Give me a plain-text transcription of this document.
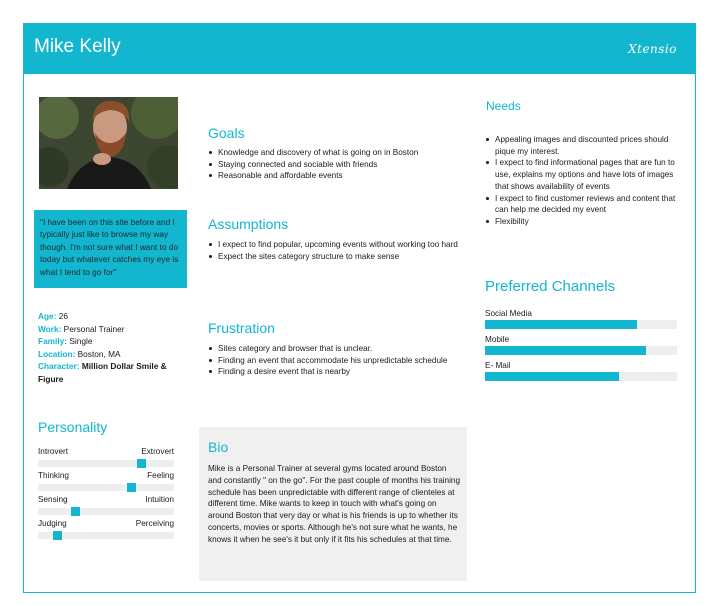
Mike Kelly	Xtensio
"I have been on this site before and I typically just like to browse my way though. I'm not sure what I want to do today but whatever catches my eye is what I tend to go for"
Age: 26
Work: Personal Trainer
Family: Single
Location: Boston, MA
Character: Million Dollar Smile & Figure
Personality
Introvert	Extrovert
Thinking	Feeling
Sensing	Intuition
Judging	Perceiving
Goals
Knowledge and discovery of what is going on in Boston
Staying connected and sociable with friends
Reasonable and affordable events
Assumptions
I expect to find popular, upcoming events without working too hard
Expect the sites category structure to make sense
Frustration
Sites category and browser that is unclear.
Finding an event that accommodate his unpredictable schedule
Finding a desire event that is nearby
Bio
Mike is a Personal Trainer at several gyms located around Boston and constantly " on the go". For the past couple of months his training schedule has been unpredictable with different range of clienteles at different time. Mike wants to keep in touch with what's going on around Boston that very day or what is his friends is up to whether its concerts, movies or sports. Although he's not sure what he wants, he knows it when he see's it but only if it fits his schedules at that time.
Needs
Appealing images and discounted prices should pique my interest.
I expect to find informational pages that are fun to use, explains my options and have lots of images that shows availability of events
I expect to find customer reviews and content that can help me decided my event
Flexibility
Preferred Channels
Social Media
Mobile
E- Mail
